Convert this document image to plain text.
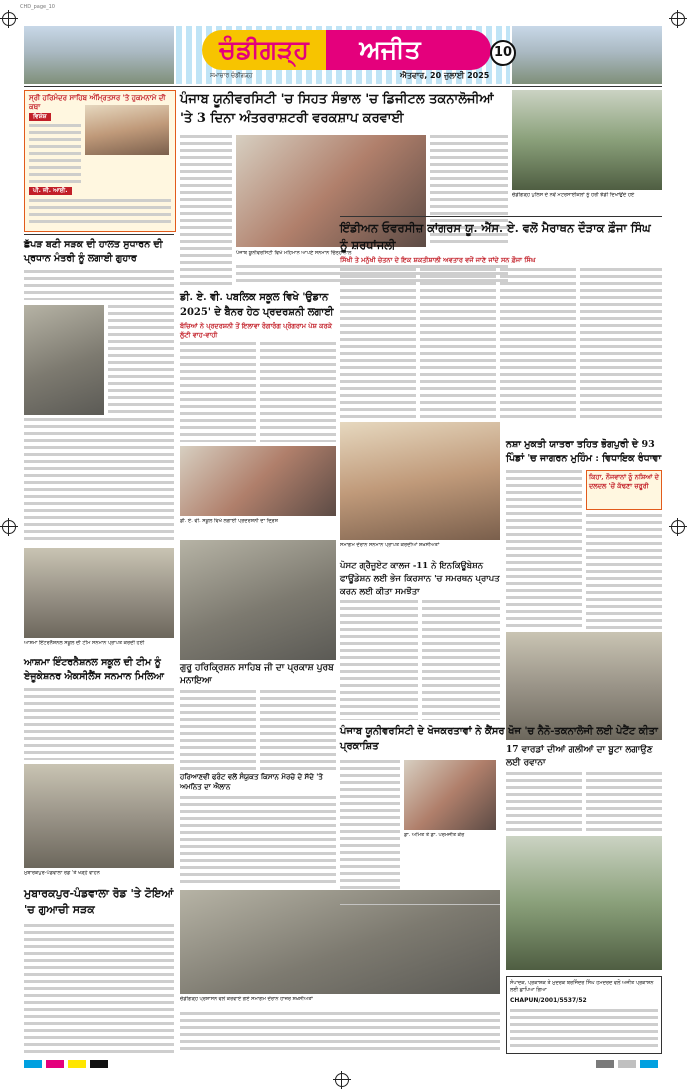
CHD_page_10
ਚੰਡੀਗੜ੍ਹ	ਅਜੀਤ	10
ਸਮਾਚਾਰ ਚੰਡੀਗੜ੍ਹ	ਐਤਵਾਰ, 20 ਜੁਲਾਈ 2025
ਸ੍ਰੀ ਹਰਿਮੰਦਰ ਸਾਹਿਬ ਅੰਮ੍ਰਿਤਸਰ 'ਤੇ ਹੁਕਮਨਾਮੇ ਦੀ ਕਥਾ
ਵਿਸ਼ੇਸ਼
ਪੀ. ਜੀ. ਆਈ.
ਪੰਜਾਬ ਯੂਨੀਵਰਸਿਟੀ 'ਚ ਸਿਹਤ ਸੰਭਾਲ 'ਚ ਡਿਜੀਟਲ ਤਕਨਾਲੋਜੀਆਂ 'ਤੇ 3 ਦਿਨਾ ਅੰਤਰਰਾਸ਼ਟਰੀ ਵਰਕਸ਼ਾਪ ਕਰਵਾਈ
ਪੰਜਾਬ ਯੂਨੀਵਰਸਿਟੀ ਵਿਖੇ ਮਹਿਮਾਨ ਆਪਣੇ ਸਨਮਾਨ ਚਿੰਨ੍ਹ ਨਾਲ
ਚੰਡੀਗੜ੍ਹ ਪੁਲਿਸ ਦੇ ਨਵੇਂ ਮੋਟਰਸਾਈਕਲਾਂ ਨੂੰ ਹਰੀ ਝੰਡੀ ਦਿਖਾਉਂਦੇ ਹੋਏ
ਇੰਡੀਅਨ ਓਵਰਸੀਜ਼ ਕਾਂਗਰਸ ਯੂ. ਐੱਸ. ਏ. ਵਲੋਂ ਮੈਰਾਥਨ ਦੌੜਾਕ ਫ਼ੌਜਾ ਸਿੰਘ ਨੂੰ ਸ਼ਰਧਾਂਜਲੀ
ਸਿੱਖੀ ਤੇ ਮਨੁੱਖੀ ਚੇਤਨਾ ਦੇ ਇਕ ਸ਼ਕਤੀਸ਼ਾਲੀ ਅਵਤਾਰ ਵਜੋਂ ਜਾਣੇ ਜਾਂਦੇ ਸਨ ਫ਼ੌਜਾ ਸਿੰਘ
ਛੱਪੜ ਬਣੀ ਸੜਕ ਦੀ ਹਾਲਤ ਸੁਧਾਰਨ ਦੀ ਪ੍ਰਧਾਨ ਮੰਤਰੀ ਨੂੰ ਲਗਾਈ ਗੁਹਾਰ
ਡੀ. ਏ. ਵੀ. ਪਬਲਿਕ ਸਕੂਲ ਵਿਖੇ 'ਉਡਾਨ 2025' ਦੇ ਬੈਨਰ ਹੇਠ ਪ੍ਰਦਰਸ਼ਨੀ ਲਗਾਈ
ਬੱਚਿਆਂ ਨੇ ਪ੍ਰਦਰਸ਼ਨੀ ਤੋਂ ਇਲਾਵਾ ਰੰਗਾਰੰਗ ਪ੍ਰੋਗਰਾਮ ਪੇਸ਼ ਕਰਕੇ ਲੁੱਟੀ ਵਾਹ-ਵਾਹੀ
ਡੀ. ਏ. ਵੀ. ਸਕੂਲ ਵਿਖੇ ਲਗਾਈ ਪ੍ਰਦਰਸ਼ਨੀ ਦਾ ਦ੍ਰਿਸ਼
ਸਮਾਗਮ ਦੌਰਾਨ ਸਨਮਾਨ ਪ੍ਰਾਪਤ ਕਰਦੀਆਂ ਸ਼ਖ਼ਸੀਅਤਾਂ
ਨਸ਼ਾ ਮੁਕਤੀ ਯਾਤਰਾ ਤਹਿਤ ਭੋਗਪੁਰੀ ਦੇ 93 ਪਿੰਡਾਂ 'ਚ ਜਾਗਰਨ ਮੁਹਿੰਮ : ਵਿਧਾਇਕ ਰੰਧਾਵਾ
ਕਿਹਾ, ਨੌਜਵਾਨਾਂ ਨੂੰ ਨਸ਼ਿਆਂ ਦੇ ਦਲਦਲ 'ਚੋਂ ਕੱਢਣਾ ਜ਼ਰੂਰੀ
ਆਸ਼ਮਾ ਇੰਟਰਨੈਸ਼ਨਲ ਸਕੂਲ ਦੀ ਟੀਮ ਸਨਮਾਨ ਪ੍ਰਾਪਤ ਕਰਦੀ ਹੋਈ
ਆਸ਼ਮਾ ਇੰਟਰਨੈਸ਼ਨਲ ਸਕੂਲ ਦੀ ਟੀਮ ਨੂੰ ਏਜੂਕੇਸ਼ਨਰ ਐਕਸੀਲੈਂਸ ਸਨਮਾਨ ਮਿਲਿਆ
ਪੋਸਟ ਗ੍ਰੈਜੂਏਟ ਕਾਲਜ -11 ਨੇ ਇਨਕਿਊਬੇਸ਼ਨ ਫਾਊਂਡੇਸ਼ਨ ਲਈ ਭੇਜ ਕਿਰਸਾਨ 'ਚ ਸਮਰਥਨ ਪ੍ਰਾਪਤ ਕਰਨ ਲਈ ਕੀਤਾ ਸਮਝੌਤਾ
ਗੁਰੂ ਹਰਿਕ੍ਰਿਸ਼ਨ ਸਾਹਿਬ ਜੀ ਦਾ ਪ੍ਰਕਾਸ਼ ਪੁਰਬ ਮਨਾਇਆ
ਹਰਿਆਣਵੀ ਫਰੰਟ ਵਲੋਂ ਸੰਯੁਕਤ ਕਿਸਾਨ ਮੋਰਚੇ ਦੇ ਸੱਦੇ 'ਤੇ ਅਮਨਿਤ ਦਾ ਐਲਾਨ
ਪੰਜਾਬ ਯੂਨੀਵਰਸਿਟੀ ਦੇ ਖੋਜਕਰਤਾਵਾਂ ਨੇ ਕੈਂਸਰ ਖੋਜ 'ਚ ਨੈਨੋ-ਤਕਨਾਲੋਜੀ ਲਈ ਪੇਟੈਂਟ ਕੀਤਾ ਪ੍ਰਕਾਸ਼ਿਤ
ਡਾ. ਅਮਿਤ ਤੇ ਡਾ. ਪਰਮਜੀਤ ਕੌਰ
17 ਵਾਰਡਾਂ ਦੀਆਂ ਗਲੀਆਂ ਦਾ ਬੂਟਾ ਲਗਾਉਣ ਲਈ ਰਵਾਨਾ
ਮੁਬਾਰਕਪੁਰ-ਪੰਡਵਾਲਾ ਰੋਡ 'ਤੇ ਖੜ੍ਹੇ ਵਾਹਨ
ਮੁਬਾਰਕਪੁਰ-ਪੰਡਵਾਲਾ ਰੋਡ 'ਤੇ ਟੋਇਆਂ 'ਚ ਗੁਆਚੀ ਸੜਕ
ਚੰਡੀਗੜ੍ਹ ਪ੍ਰਸ਼ਾਸਨ ਵਲੋਂ ਕਰਵਾਏ ਗਏ ਸਮਾਗਮ ਦੌਰਾਨ ਹਾਜ਼ਰ ਸ਼ਖ਼ਸੀਅਤਾਂ
ਸੰਪਾਦਕ, ਪ੍ਰਕਾਸ਼ਕ ਤੇ ਮੁਦਰਕ ਬਰਜਿੰਦਰ ਸਿੰਘ ਹਮਦਰਦ ਵਲੋਂ ਅਜੀਤ ਪ੍ਰਕਾਸ਼ਨ ਲਈ ਛਾਪਿਆ ਗਿਆ
CHAPUN/2001/5537/52
